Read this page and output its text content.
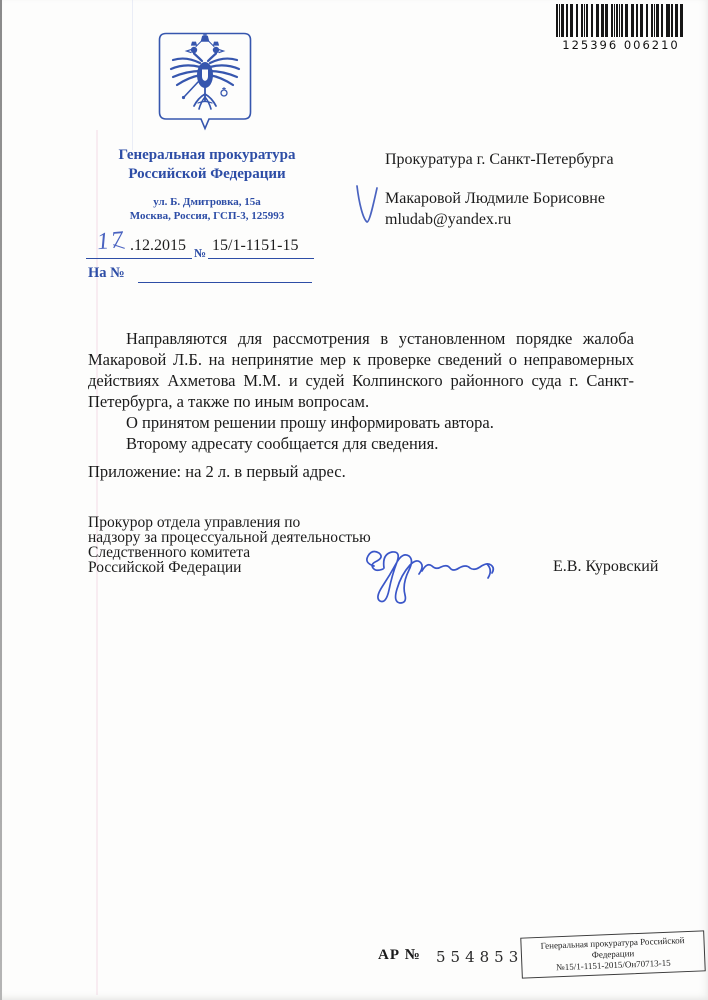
125396 006210
Генеральная прокуратура
Российской Федерации
ул. Б. Дмитровка, 15а
Москва, Россия, ГСП-3, 125993
17 .12.2015 № 15/1-1151-15
На №
Прокуратура г. Санкт-Петербурга
Макаровой Людмиле Борисовне
mludab@yandex.ru
Направляются для рассмотрения в установленном порядке жалоба
Макаровой Л.Б. на непринятие мер к проверке сведений о неправомерных
действиях Ахметова М.М. и судей Колпинского районного суда г. Санкт-
Петербурга, а также по иным вопросам.
О принятом решении прошу информировать автора.
Второму адресату сообщается для сведения.
Приложение: на 2 л. в первый адрес.
Прокурор отдела управления по
надзору за процессуальной деятельностью
Следственного комитета
Российской Федерации	Е.В. Куровский
АР № 554853
Генеральная прокуратура Российской
Федерации
№15/1-1151-2015/Он70713-15
